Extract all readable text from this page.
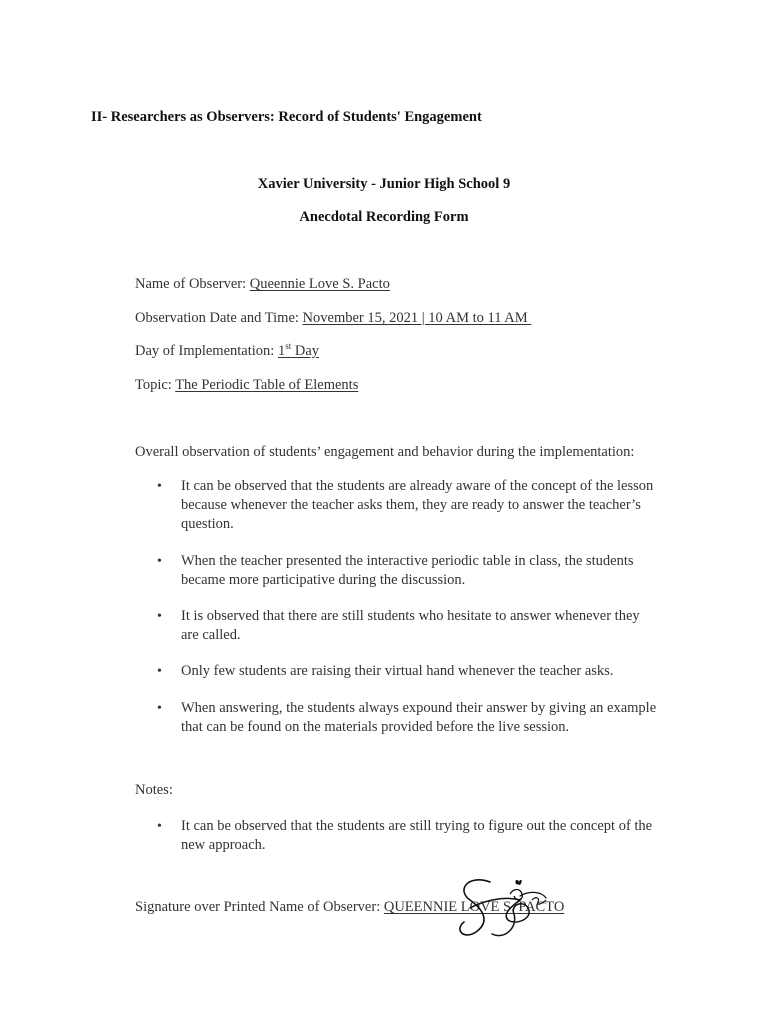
II- Researchers as Observers: Record of Students' Engagement
Xavier University - Junior High School 9
Anecdotal Recording Form
Name of Observer: Queennie Love S. Pacto
Observation Date and Time: November 15, 2021 | 10 AM to 11 AM
Day of Implementation: 1st Day
Topic: The Periodic Table of Elements
Overall observation of students’ engagement and behavior during the implementation:
• It can be observed that the students are already aware of the concept of the lesson
because whenever the teacher asks them, they are ready to answer the teacher’s
question.
• When the teacher presented the interactive periodic table in class, the students
became more participative during the discussion.
• It is observed that there are still students who hesitate to answer whenever they
are called.
• Only few students are raising their virtual hand whenever the teacher asks.
• When answering, the students always expound their answer by giving an example
that can be found on the materials provided before the live session.
Notes:
• It can be observed that the students are still trying to figure out the concept of the
new approach.
Signature over Printed Name of Observer: QUEENNIE LOVE S. PACTO
